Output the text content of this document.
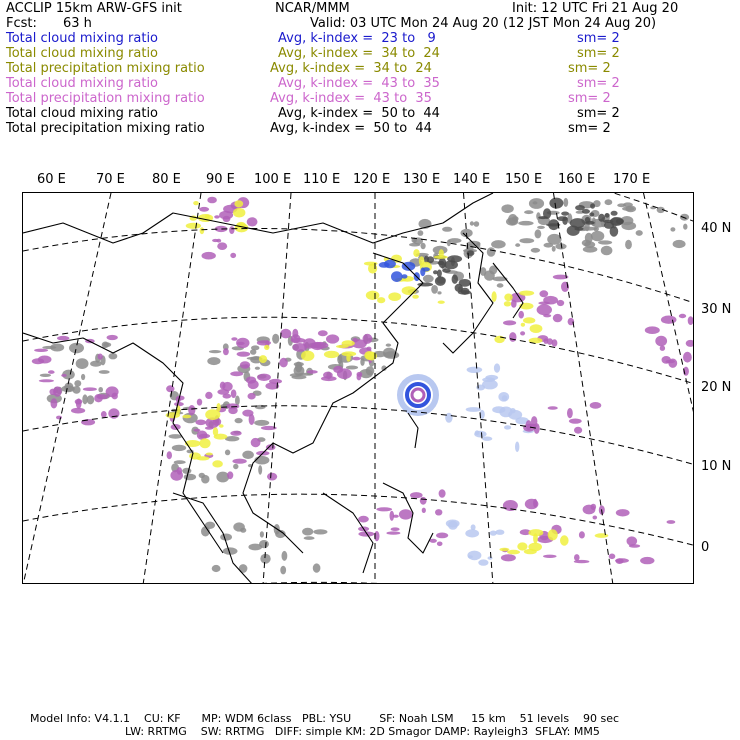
ACCLIP 15km ARW-GFS init	NCAR/MMM	Init: 12 UTC Fri 21 Aug 20
Fcst: 63 h	Valid: 03 UTC Mon 24 Aug 20 (12 JST Mon 24 Aug 20)
Total cloud mixing ratio	Avg, k-index =  23 to   9	sm= 2
Total cloud mixing ratio	Avg, k-index =  34 to  24	sm= 2
Total precipitation mixing ratio	Avg, k-index =  34 to  24	sm= 2
Total cloud mixing ratio	Avg, k-index =  43 to  35	sm= 2
Total precipitation mixing ratio	Avg, k-index =  43 to  35	sm= 2
Total cloud mixing ratio	Avg, k-index =  50 to  44	sm= 2
Total precipitation mixing ratio	Avg, k-index =  50 to  44	sm= 2
60 E 70 E 80 E 90 E 100 E 110 E 120 E 130 E 140 E 150 E 160 E 170 E
40 N
30 N
20 N
10 N
0
Model Info: V4.1.1    CU: KF      MP: WDM 6class   PBL: YSU        SF: Noah LSM     15 km    51 levels    90 sec
LW: RRTMG    SW: RRTMG   DIFF: simple KM: 2D Smagor DAMP: Rayleigh3  SFLAY: MM5
